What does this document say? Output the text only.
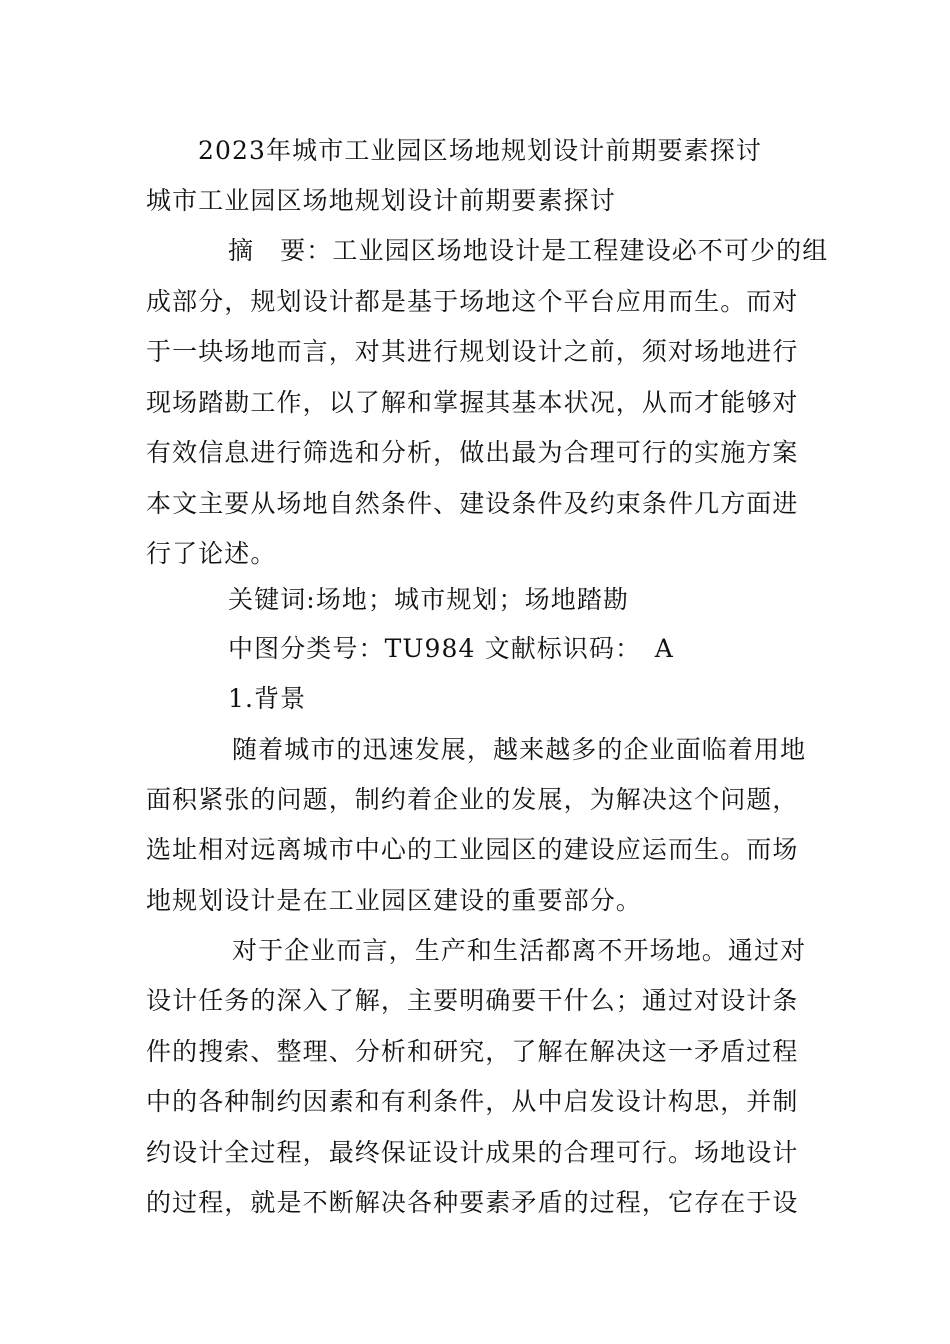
2023年城市工业园区场地规划设计前期要素探讨
城市工业园区场地规划设计前期要素探讨
摘　要：工业园区场地设计是工程建设必不可少的组
成部分，规划设计都是基于场地这个平台应用而生。而对
于一块场地而言，对其进行规划设计之前，须对场地进行
现场踏勘工作，以了解和掌握其基本状况，从而才能够对
有效信息进行筛选和分析，做出最为合理可行的实施方案
本文主要从场地自然条件、建设条件及约束条件几方面进
行了论述。
关键词:场地；城市规划；场地踏勘
中图分类号：TU984 文献标识码：　A
1.背景
随着城市的迅速发展，越来越多的企业面临着用地
面积紧张的问题，制约着企业的发展，为解决这个问题，
选址相对远离城市中心的工业园区的建设应运而生。而场
地规划设计是在工业园区建设的重要部分。
对于企业而言，生产和生活都离不开场地。通过对
设计任务的深入了解，主要明确要干什么；通过对设计条
件的搜索、整理、分析和研究，了解在解决这一矛盾过程
中的各种制约因素和有利条件，从中启发设计构思，并制
约设计全过程，最终保证设计成果的合理可行。场地设计
的过程，就是不断解决各种要素矛盾的过程，它存在于设
